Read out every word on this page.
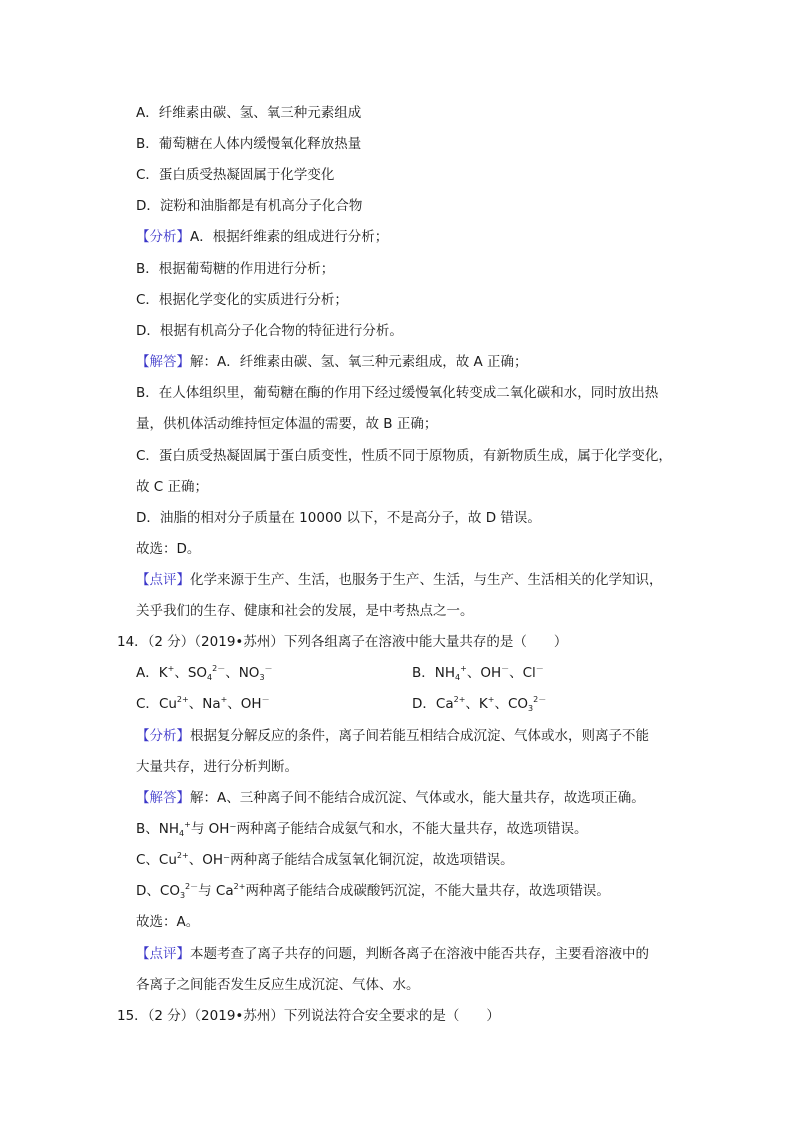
A．纤维素由碳、氢、氧三种元素组成
B．葡萄糖在人体内缓慢氧化释放热量
C．蛋白质受热凝固属于化学变化
D．淀粉和油脂都是有机高分子化合物
【分析】A．根据纤维素的组成进行分析；
B．根据葡萄糖的作用进行分析；
C．根据化学变化的实质进行分析；
D．根据有机高分子化合物的特征进行分析。
【解答】解：A．纤维素由碳、氢、氧三种元素组成，故 A 正确；
B．在人体组织里，葡萄糖在酶的作用下经过缓慢氧化转变成二氧化碳和水，同时放出热
量，供机体活动维持恒定体温的需要，故 B 正确；
C．蛋白质受热凝固属于蛋白质变性，性质不同于原物质，有新物质生成，属于化学变化，
故 C 正确；
D．油脂的相对分子质量在 10000 以下，不是高分子，故 D 错误。
故选：D。
【点评】化学来源于生产、生活，也服务于生产、生活，与生产、生活相关的化学知识，
关乎我们的生存、健康和社会的发展，是中考热点之一。
14．（2 分）（2019•苏州）下列各组离子在溶液中能大量共存的是（　　）
A．K+、$SO_4^{2-}$、$NO_3^-$	B．$NH_4^+$、OH－、Cl－
C．$Cu^{2+}$、Na+、OH－	D．$Ca^{2+}$、K+、$CO_3^{2-}$
【分析】根据复分解反应的条件，离子间若能互相结合成沉淀、气体或水，则离子不能
大量共存，进行分析判断。
【解答】解：A、三种离子间不能结合成沉淀、气体或水，能大量共存，故选项正确。
B、$NH_4^+$与 OH⁻两种离子能结合成氨气和水，不能大量共存，故选项错误。
C、$Cu^{2+}$、OH⁻两种离子能结合成氢氧化铜沉淀，故选项错误。
D、$CO_3^{2-}$与 $Ca^{2+}$两种离子能结合成碳酸钙沉淀，不能大量共存，故选项错误。
故选：A。
【点评】本题考查了离子共存的问题，判断各离子在溶液中能否共存，主要看溶液中的
各离子之间能否发生反应生成沉淀、气体、水。
15．（2 分）（2019•苏州）下列说法符合安全要求的是（　　）
